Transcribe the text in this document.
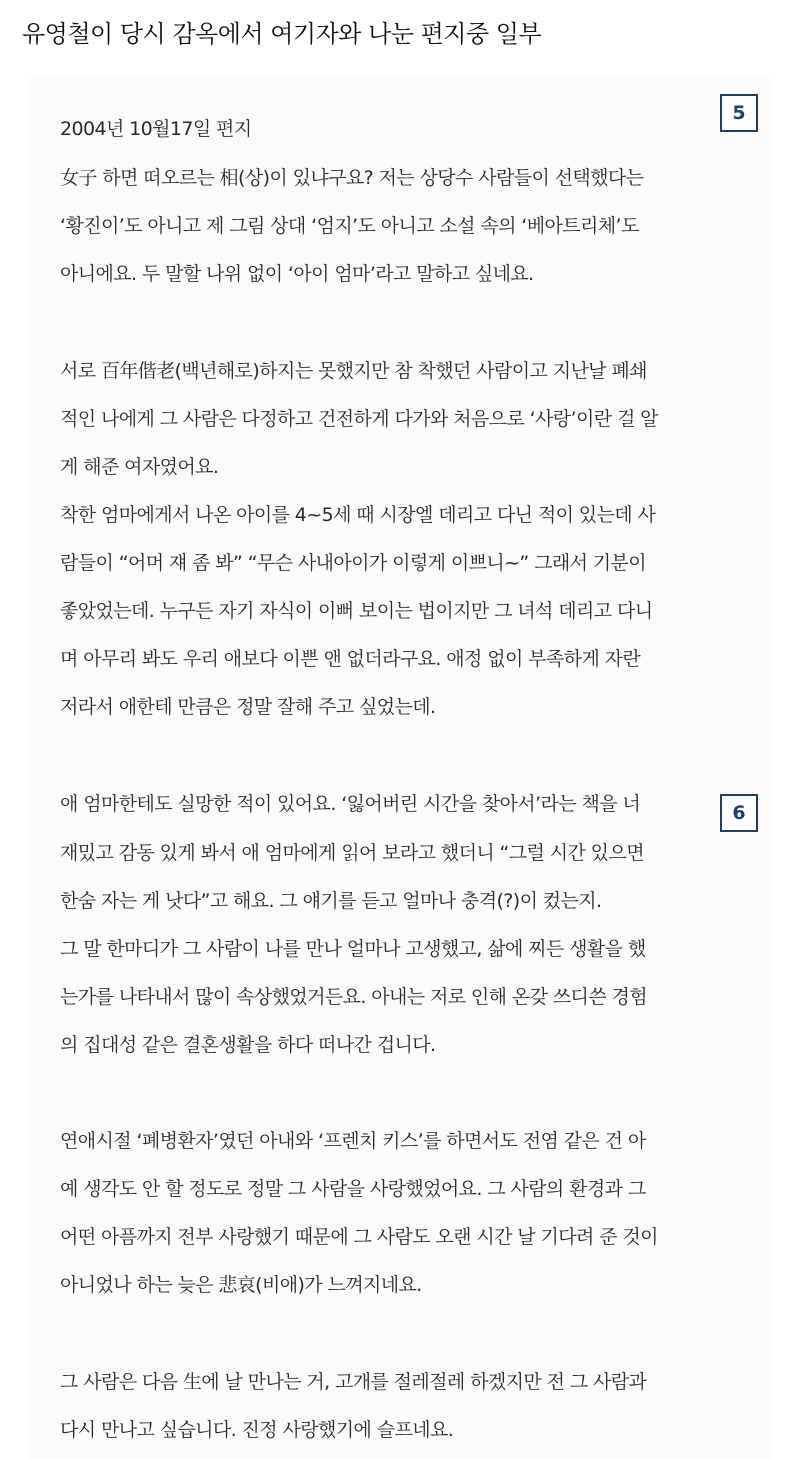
유영철이 당시 감옥에서 여기자와 나눈 편지중 일부
5
2004년 10월17일 편지
女子 하면 떠오르는 相(상)이 있냐구요? 저는 상당수 사람들이 선택했다는
‘황진이’도 아니고 제 그림 상대 ‘엄지’도 아니고 소설 속의 ‘베아트리체’도
아니에요. 두 말할 나위 없이 ‘아이 엄마’라고 말하고 싶네요.
서로 百年偕老(백년해로)하지는 못했지만 참 착했던 사람이고 지난날 폐쇄
적인 나에게 그 사람은 다정하고 건전하게 다가와 처음으로 ‘사랑’이란 걸 알
게 해준 여자였어요.
착한 엄마에게서 나온 아이를 4~5세 때 시장엘 데리고 다닌 적이 있는데 사
람들이 “어머 쟤 좀 봐” “무슨 사내아이가 이렇게 이쁘니~” 그래서 기분이
좋았었는데. 누구든 자기 자식이 이뻐 보이는 법이지만 그 녀석 데리고 다니
며 아무리 봐도 우리 애보다 이쁜 앤 없더라구요. 애정 없이 부족하게 자란
저라서 애한테 만큼은 정말 잘해 주고 싶었는데.
애 엄마한테도 실망한 적이 있어요. ‘잃어버린 시간을 찾아서’라는 책을 너
재밌고 감동 있게 봐서 애 엄마에게 읽어 보라고 했더니 “그럴 시간 있으면
한숨 자는 게 낫다”고 해요. 그 얘기를 듣고 얼마나 충격(?)이 컸는지.
그 말 한마디가 그 사람이 나를 만나 얼마나 고생했고, 삶에 찌든 생활을 했
는가를 나타내서 많이 속상했었거든요. 아내는 저로 인해 온갖 쓰디쓴 경험
의 집대성 같은 결혼생활을 하다 떠나간 겁니다.
연애시절 ‘폐병환자’였던 아내와 ‘프렌치 키스’를 하면서도 전염 같은 건 아
예 생각도 안 할 정도로 정말 그 사람을 사랑했었어요. 그 사람의 환경과 그
어떤 아픔까지 전부 사랑했기 때문에 그 사람도 오랜 시간 날 기다려 준 것이
아니었나 하는 늦은 悲哀(비애)가 느껴지네요.
그 사람은 다음 生에 날 만나는 거, 고개를 절레절레 하겠지만 전 그 사람과
다시 만나고 싶습니다. 진정 사랑했기에 슬프네요.
6
